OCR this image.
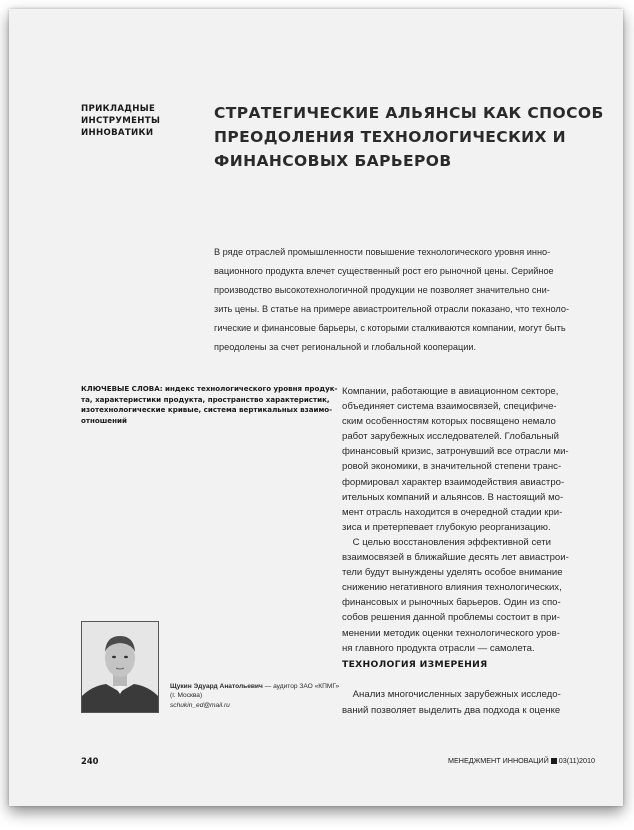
ПРИКЛАДНЫЕ
ИНСТРУМЕНТЫ
ИННОВАТИКИ
СТРАТЕГИЧЕСКИЕ АЛЬЯНСЫ КАК СПОСОБ
ПРЕОДОЛЕНИЯ ТЕХНОЛОГИЧЕСКИХ И
ФИНАНСОВЫХ БАРЬЕРОВ
В ряде отраслей промышленности повышение технологического уровня инно-
вационного продукта влечет существенный рост его рыночной цены. Серийное
производство высокотехнологичной продукции не позволяет значительно сни-
зить цены. В статье на примере авиастроительной отрасли показано, что техноло-
гические и финансовые барьеры, с которыми сталкиваются компании, могут быть
преодолены за счет региональной и глобальной кооперации.
КЛЮЧЕВЫЕ СЛОВА: индекс технологического уровня продук-
та, характеристики продукта, пространство характеристик,
изотехнологические кривые, система вертикальных взаимо-
отношений
Компании, работающие в авиационном секторе,
объединяет система взаимосвязей, специфиче-
ским особенностям которых посвящено немало
работ зарубежных исследователей. Глобальный
финансовый кризис, затронувший все отрасли ми-
ровой экономики, в значительной степени транс-
формировал характер взаимодействия авиастро-
ительных компаний и альянсов. В настоящий мо-
мент отрасль находится в очередной стадии кри-
зиса и претерпевает глубокую реорганизацию.
С целью восстановления эффективной сети
взаимосвязей в ближайшие десять лет авиастрои-
тели будут вынуждены уделять особое внимание
снижению негативного влияния технологических,
финансовых и рыночных барьеров. Один из спо-
собов решения данной проблемы состоит в при-
менении методик оценки технологического уров-
ня главного продукта отрасли — самолета.
ТЕХНОЛОГИЯ ИЗМЕРЕНИЯ
Анализ многочисленных зарубежных исследо-
ваний позволяет выделить два подхода к оценке
Щукин Эдуард Анатольевич — аудитор ЗАО «КПМГ»
(г. Москва)
schukin_ed@mail.ru
240	МЕНЕДЖМЕНТ ИННОВАЦИЙ 03(11)2010
